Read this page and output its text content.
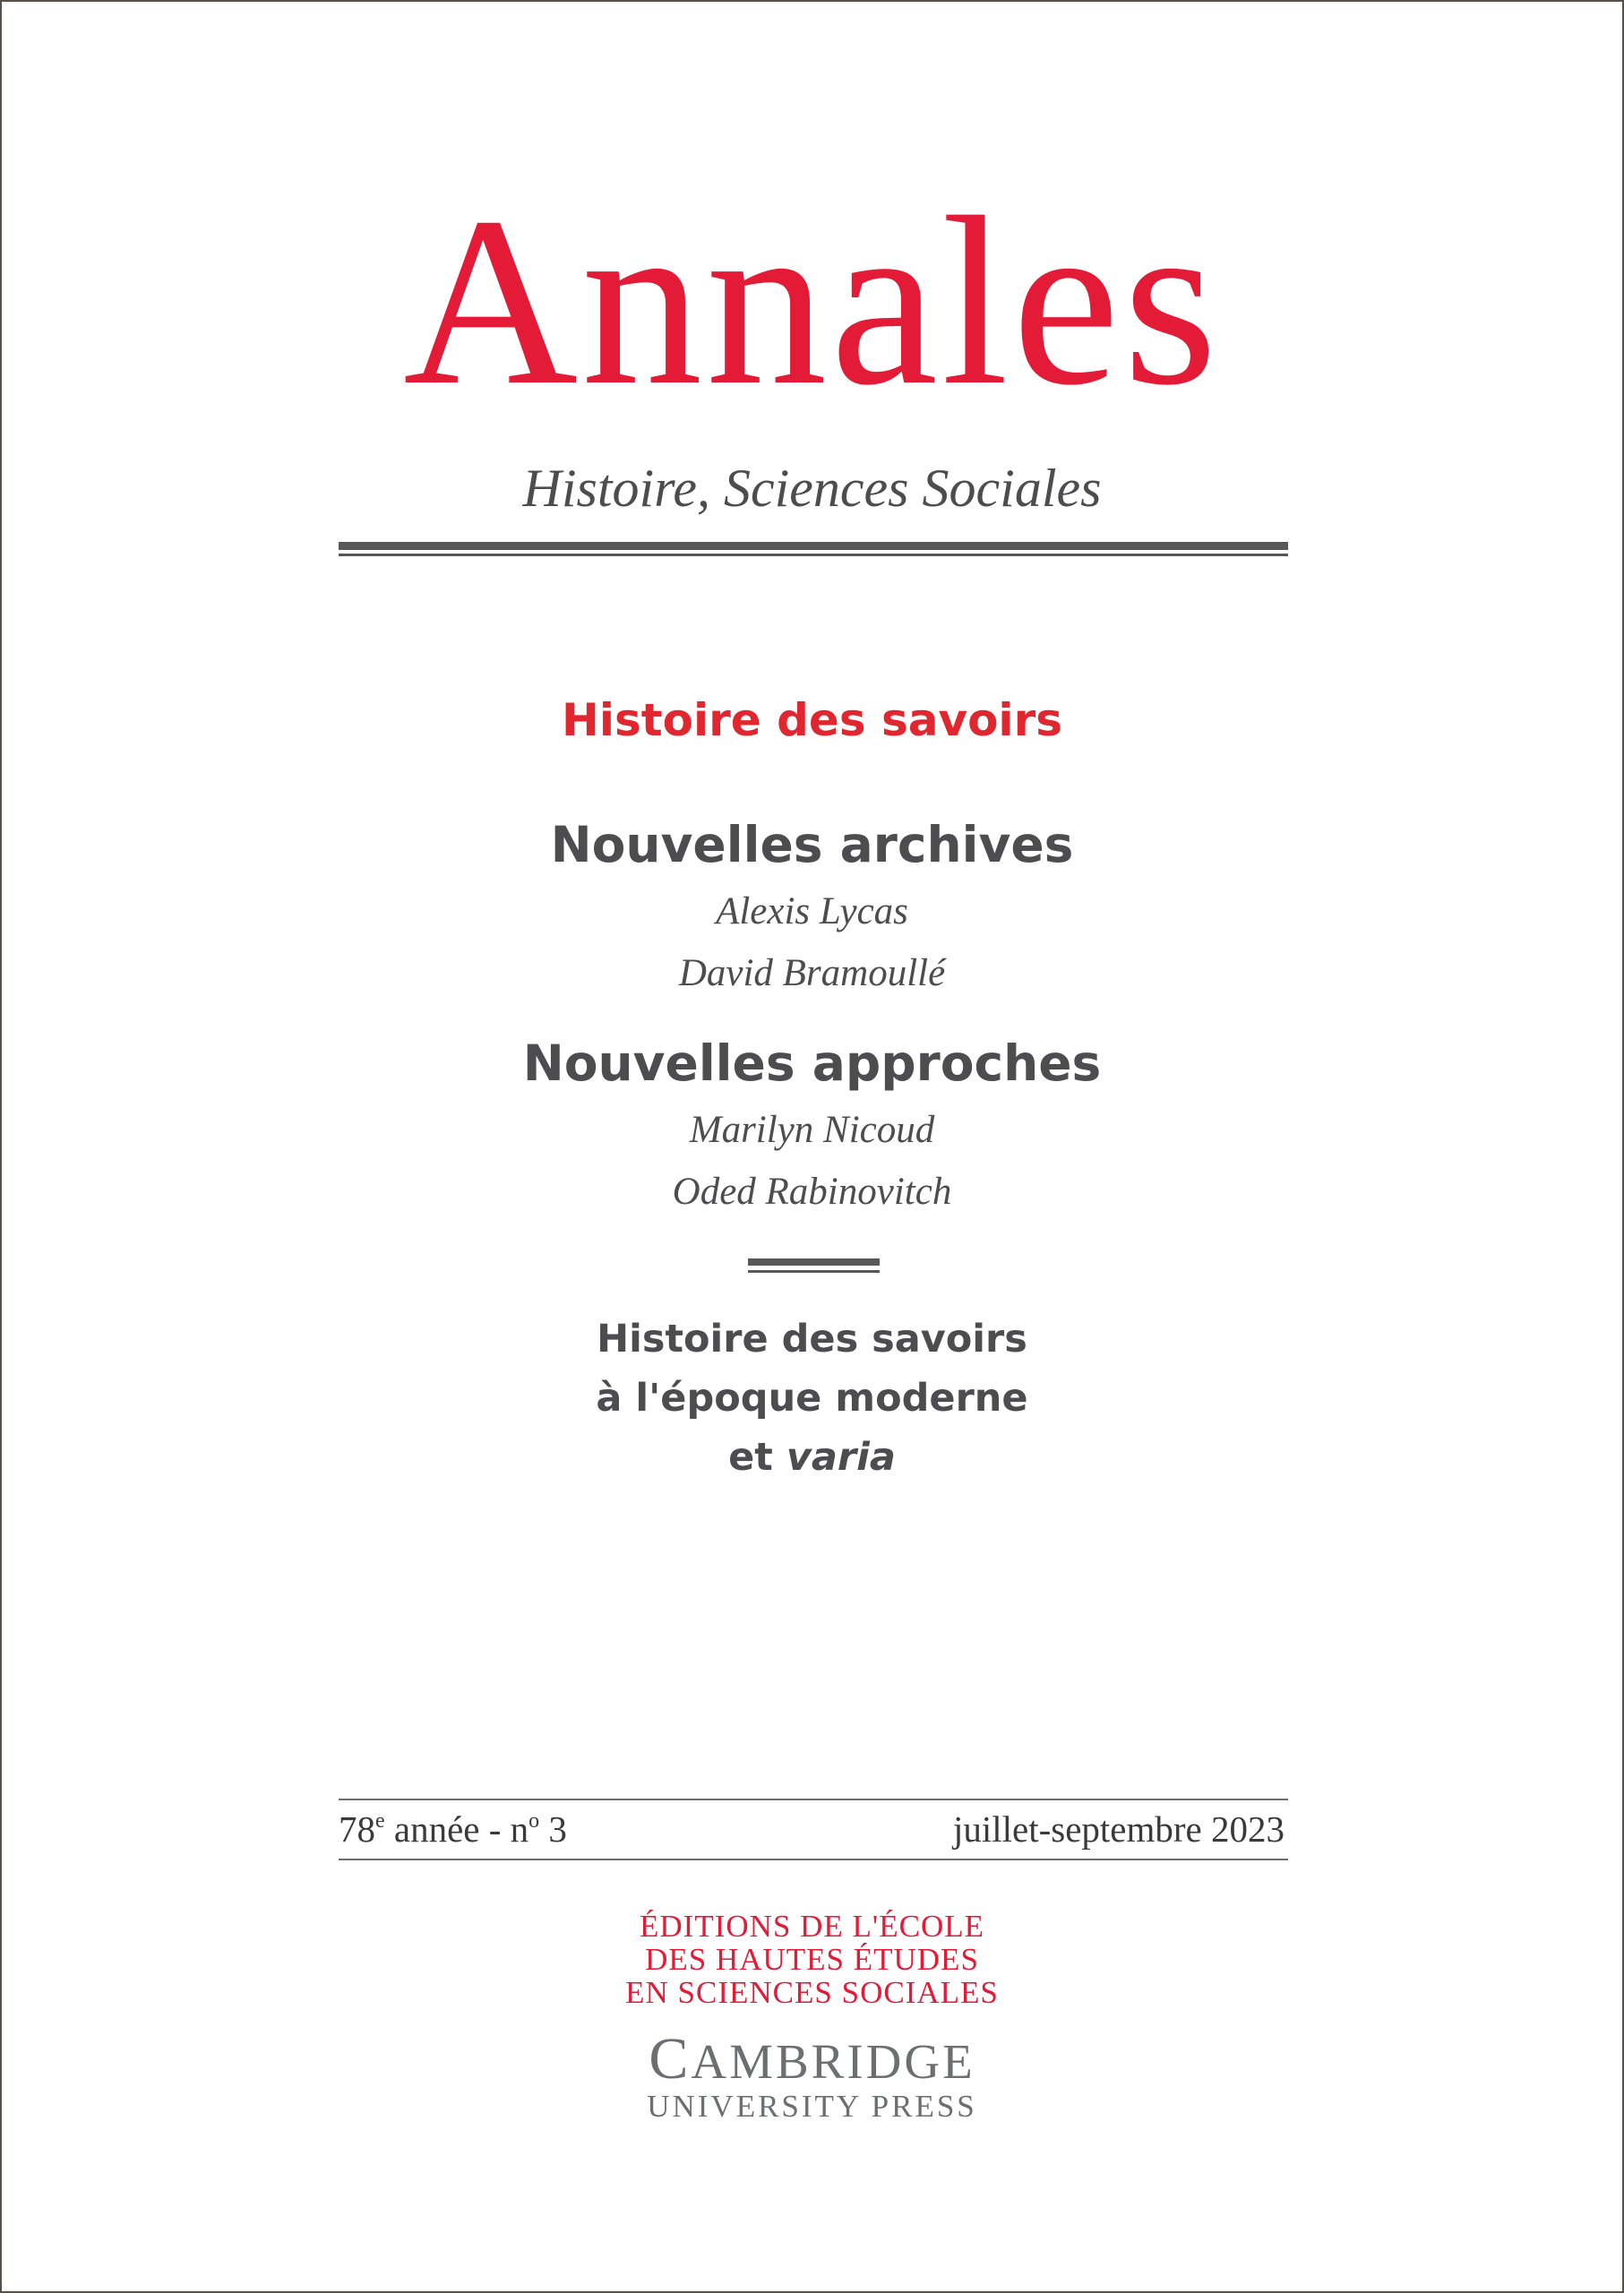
Annales
Histoire, Sciences Sociales
Histoire des savoirs
Nouvelles archives
Alexis Lycas
David Bramoullé
Nouvelles approches
Marilyn Nicoud
Oded Rabinovitch
Histoire des savoirs
à l'époque moderne
et varia
78e année - $n^o$ 3	juillet-septembre 2023
ÉDITIONS DE L'ÉCOLE
DES HAUTES ÉTUDES
EN SCIENCES SOCIALES
CAMBRIDGE
UNIVERSITY PRESS
